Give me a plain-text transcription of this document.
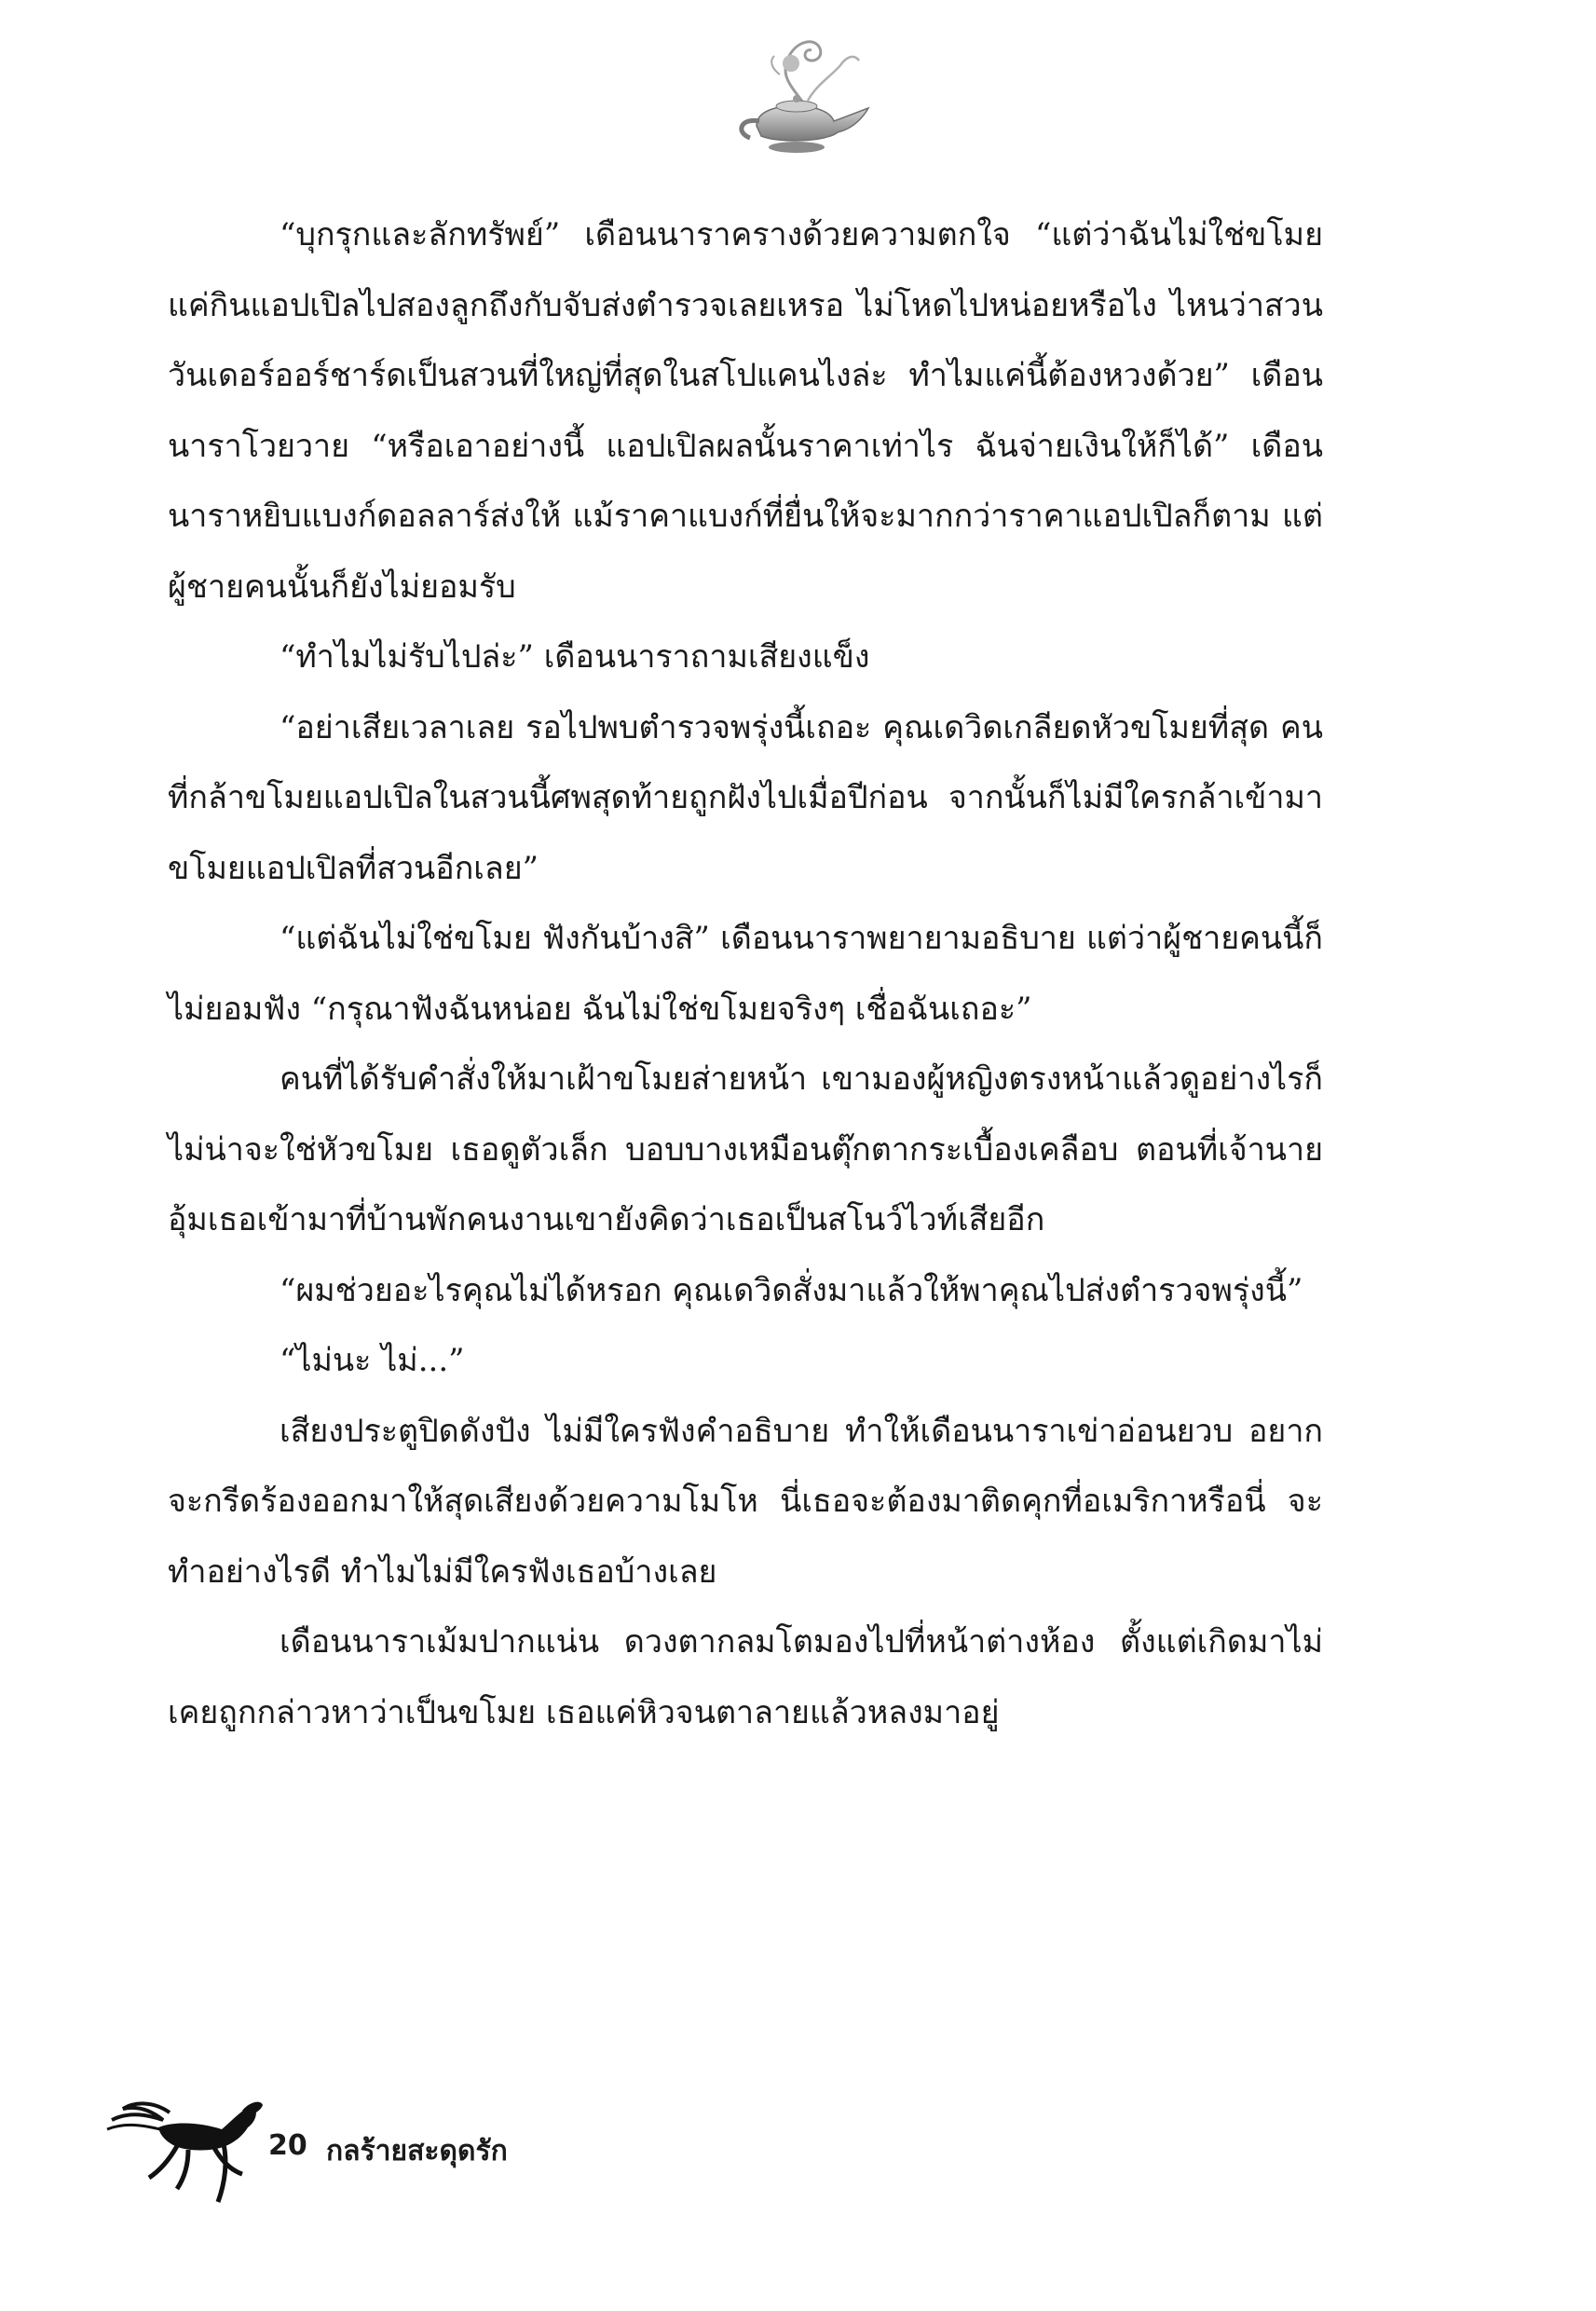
“บุกรุกและลักทรัพย์” เดือนนาราครางด้วยความตกใจ “แต่ว่าฉันไม่ใช่ขโมย แค่กินแอปเปิลไปสองลูกถึงกับจับส่งตำรวจเลยเหรอ ไม่โหดไปหน่อยหรือไง ไหนว่าสวนวันเดอร์ออร์ชาร์ดเป็นสวนที่ใหญ่ที่สุดในสโปแคนไงล่ะ ทำไมแค่นี้ต้องหวงด้วย” เดือนนาราโวยวาย “หรือเอาอย่างนี้ แอปเปิลผลนั้นราคาเท่าไร ฉันจ่ายเงินให้ก็ได้” เดือนนาราหยิบแบงก์ดอลลาร์ส่งให้ แม้ราคาแบงก์ที่ยื่นให้จะมากกว่าราคาแอปเปิลก็ตาม แต่ผู้ชายคนนั้นก็ยังไม่ยอมรับ

“ทำไมไม่รับไปล่ะ” เดือนนาราถามเสียงแข็ง

“อย่าเสียเวลาเลย รอไปพบตำรวจพรุ่งนี้เถอะ คุณเดวิดเกลียดหัวขโมยที่สุด คนที่กล้าขโมยแอปเปิลในสวนนี้ศพสุดท้ายถูกฝังไปเมื่อปีก่อน จากนั้นก็ไม่มีใครกล้าเข้ามาขโมยแอปเปิลที่สวนอีกเลย”

“แต่ฉันไม่ใช่ขโมย ฟังกันบ้างสิ” เดือนนาราพยายามอธิบาย แต่ว่าผู้ชายคนนี้ก็ไม่ยอมฟัง “กรุณาฟังฉันหน่อย ฉันไม่ใช่ขโมยจริงๆ เชื่อฉันเถอะ”

คนที่ได้รับคำสั่งให้มาเฝ้าขโมยส่ายหน้า เขามองผู้หญิงตรงหน้าแล้วดูอย่างไรก็ไม่น่าจะใช่หัวขโมย เธอดูตัวเล็ก บอบบางเหมือนตุ๊กตากระเบื้องเคลือบ ตอนที่เจ้านายอุ้มเธอเข้ามาที่บ้านพักคนงานเขายังคิดว่าเธอเป็นสโนว์ไวท์เสียอีก

“ผมช่วยอะไรคุณไม่ได้หรอก คุณเดวิดสั่งมาแล้วให้พาคุณไปส่งตำรวจพรุ่งนี้”

“ไม่นะ ไม่...”

เสียงประตูปิดดังปัง ไม่มีใครฟังคำอธิบาย ทำให้เดือนนาราเข่าอ่อนยวบ อยากจะกรีดร้องออกมาให้สุดเสียงด้วยความโมโห นี่เธอจะต้องมาติดคุกที่อเมริกาหรือนี่ จะทำอย่างไรดี ทำไมไม่มีใครฟังเธอบ้างเลย

เดือนนาราเม้มปากแน่น ดวงตากลมโตมองไปที่หน้าต่างห้อง ตั้งแต่เกิดมาไม่เคยถูกกล่าวหาว่าเป็นขโมย เธอแค่หิวจนตาลายแล้วหลงมาอยู่

20 กลร้ายสะดุดรัก
